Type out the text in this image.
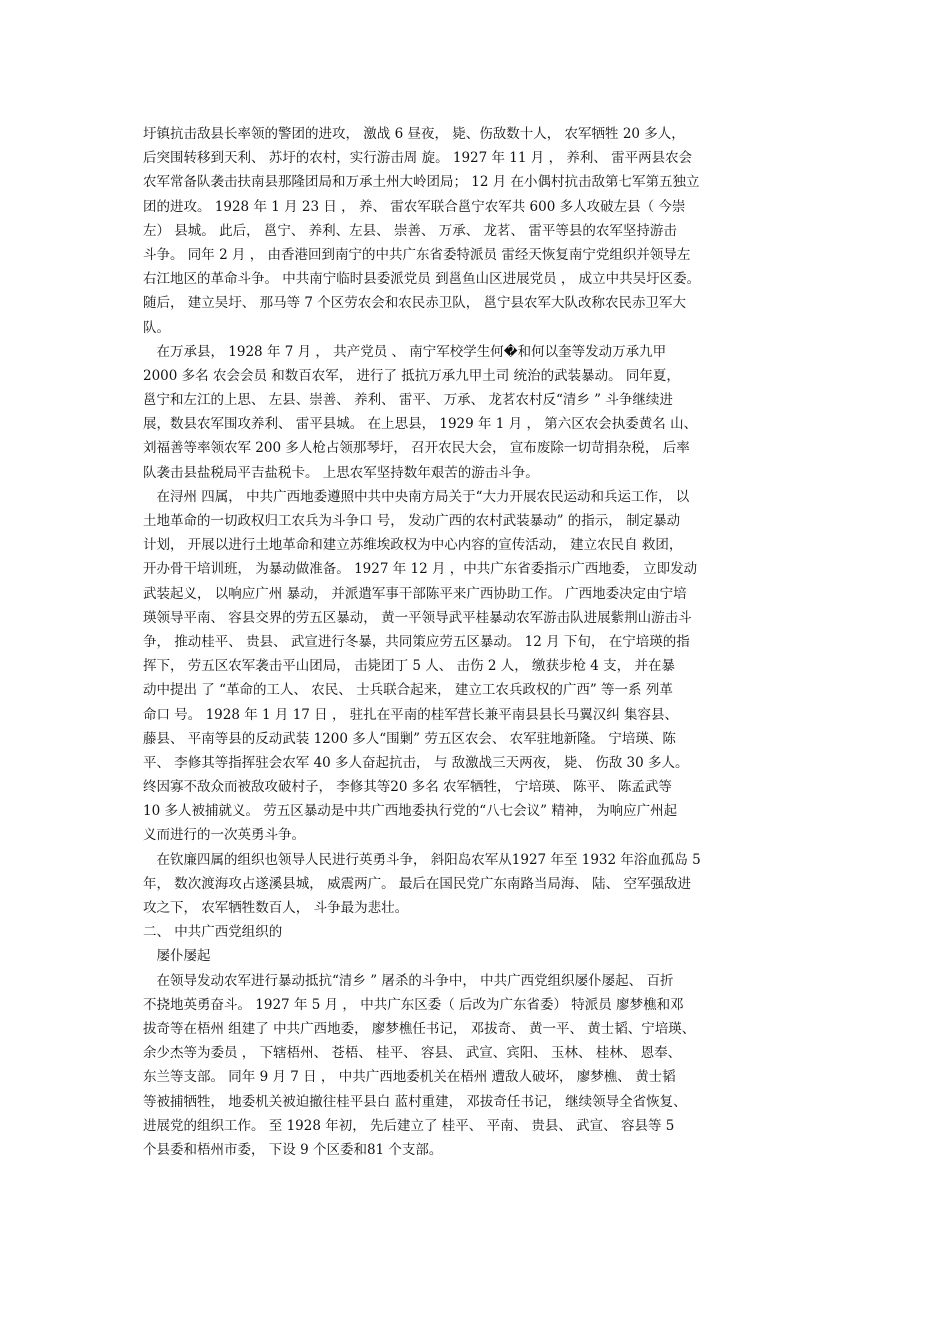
圩镇抗击敌县长率领的警团的进攻， 激战 6 昼夜， 毙、伤敌数十人， 农军牺牲 20 多人，
后突围转移到天利、 苏圩的农村，实行游击周 旋。 1927 年 11 月 ， 养利、 雷平两县农会
农军常备队袭击扶南县那隆团局和万承土州大岭团局； 12 月 在小偶村抗击敌第七军第五独立
团的进攻。 1928 年 1 月 23 日 ， 养、 雷农军联合邕宁农军共 600 多人攻破左县（ 今崇
左） 县城。 此后， 邕宁、 养利、左县、 崇善、 万承、 龙茗、 雷平等县的农军坚持游击
斗争。 同年 2 月 ， 由香港回到南宁的中共广东省委特派员 雷经天恢复南宁党组织并领导左
右江地区的革命斗争。 中共南宁临时县委派党员 到邕鱼山区进展党员 ， 成立中共吴圩区委。
随后， 建立吴圩、 那马等 7 个区劳农会和农民赤卫队， 邕宁县农军大队改称农民赤卫军大
队。
　在万承县， 1928 年 7 月 ， 共产党员 、 南宁军校学生何�和何以奎等发动万承九甲
2000 多名 农会会员 和数百农军， 进行了 抵抗万承九甲土司 统治的武装暴动。 同年夏，
邕宁和左江的上思、 左县、崇善、 养利、 雷平、 万承、 龙茗农村反“清乡 ” 斗争继续进
展，数县农军围攻养利、 雷平县城。 在上思县， 1929 年 1 月 ， 第六区农会执委黄名 山、
刘福善等率领农军 200 多人枪占领那琴圩， 召开农民大会， 宣布废除一切苛捐杂税， 后率
队袭击县盐税局平吉盐税卡。 上思农军坚持数年艰苦的游击斗争。
　在浔州 四属， 中共广西地委遵照中共中央南方局关于“大力开展农民运动和兵运工作， 以
土地革命的一切政权归工农兵为斗争口 号， 发动广西的农村武装暴动” 的指示， 制定暴动
计划， 开展以进行土地革命和建立苏维埃政权为中心内容的宣传活动， 建立农民自 救团，
开办骨干培训班， 为暴动做准备。 1927 年 12 月 ，中共广东省委指示广西地委， 立即发动
武装起义， 以响应广州 暴动， 并派遣军事干部陈平来广西协助工作。 广西地委决定由宁培
瑛领导平南、 容县交界的劳五区暴动， 黄一平领导武平桂暴动农军游击队进展紫荆山游击斗
争， 推动桂平、 贵县、 武宣进行冬暴，共同策应劳五区暴动。 12 月 下旬， 在宁培瑛的指
挥下， 劳五区农军袭击平山团局， 击毙团丁 5 人、 击伤 2 人， 缴获步枪 4 支， 并在暴
动中提出 了 “革命的工人、 农民、 士兵联合起来， 建立工农兵政权的广西” 等一系 列革
命口 号。 1928 年 1 月 17 日 ， 驻扎在平南的桂军营长兼平南县县长马翼汉纠 集容县、
藤县、 平南等县的反动武装 1200 多人“围剿” 劳五区农会、 农军驻地新隆。 宁培瑛、陈
平、 李修其等指挥驻会农军 40 多人奋起抗击， 与 敌激战三天两夜， 毙、 伤敌 30 多人。
终因寡不敌众而被敌攻破村子， 李修其等20 多名 农军牺牲， 宁培瑛、 陈平、 陈孟武等
10 多人被捕就义。 劳五区暴动是中共广西地委执行党的“八七会议” 精神， 为响应广州起
义而进行的一次英勇斗争。
　在钦廉四属的组织也领导人民进行英勇斗争， 斜阳岛农军从1927 年至 1932 年浴血孤岛 5
年， 数次渡海攻占遂溪县城， 威震两广。 最后在国民党广东南路当局海、 陆、 空军强敌进
攻之下， 农军牺牲数百人， 斗争最为悲壮。
二、 中共广西党组织的
　屡仆屡起
　在领导发动农军进行暴动抵抗“清乡 ” 屠杀的斗争中， 中共广西党组织屡仆屡起、 百折
不挠地英勇奋斗。 1927 年 5 月 ， 中共广东区委（ 后改为广东省委） 特派员 廖梦樵和邓
拔奇等在梧州 组建了 中共广西地委， 廖梦樵任书记， 邓拔奇、 黄一平、 黄士韬、宁培瑛、
余少杰等为委员 ， 下辖梧州、 苍梧、 桂平、 容县、 武宣、宾阳、 玉林、 桂林、 恩奉、
东兰等支部。 同年 9 月 7 日 ， 中共广西地委机关在梧州 遭敌人破坏， 廖梦樵、 黄士韬
等被捕牺牲， 地委机关被迫撤往桂平县白 蓝村重建， 邓拔奇任书记， 继续领导全省恢复、
进展党的组织工作。 至 1928 年初， 先后建立了 桂平、 平南、 贵县、 武宣、 容县等 5
个县委和梧州市委， 下设 9 个区委和81 个支部。
